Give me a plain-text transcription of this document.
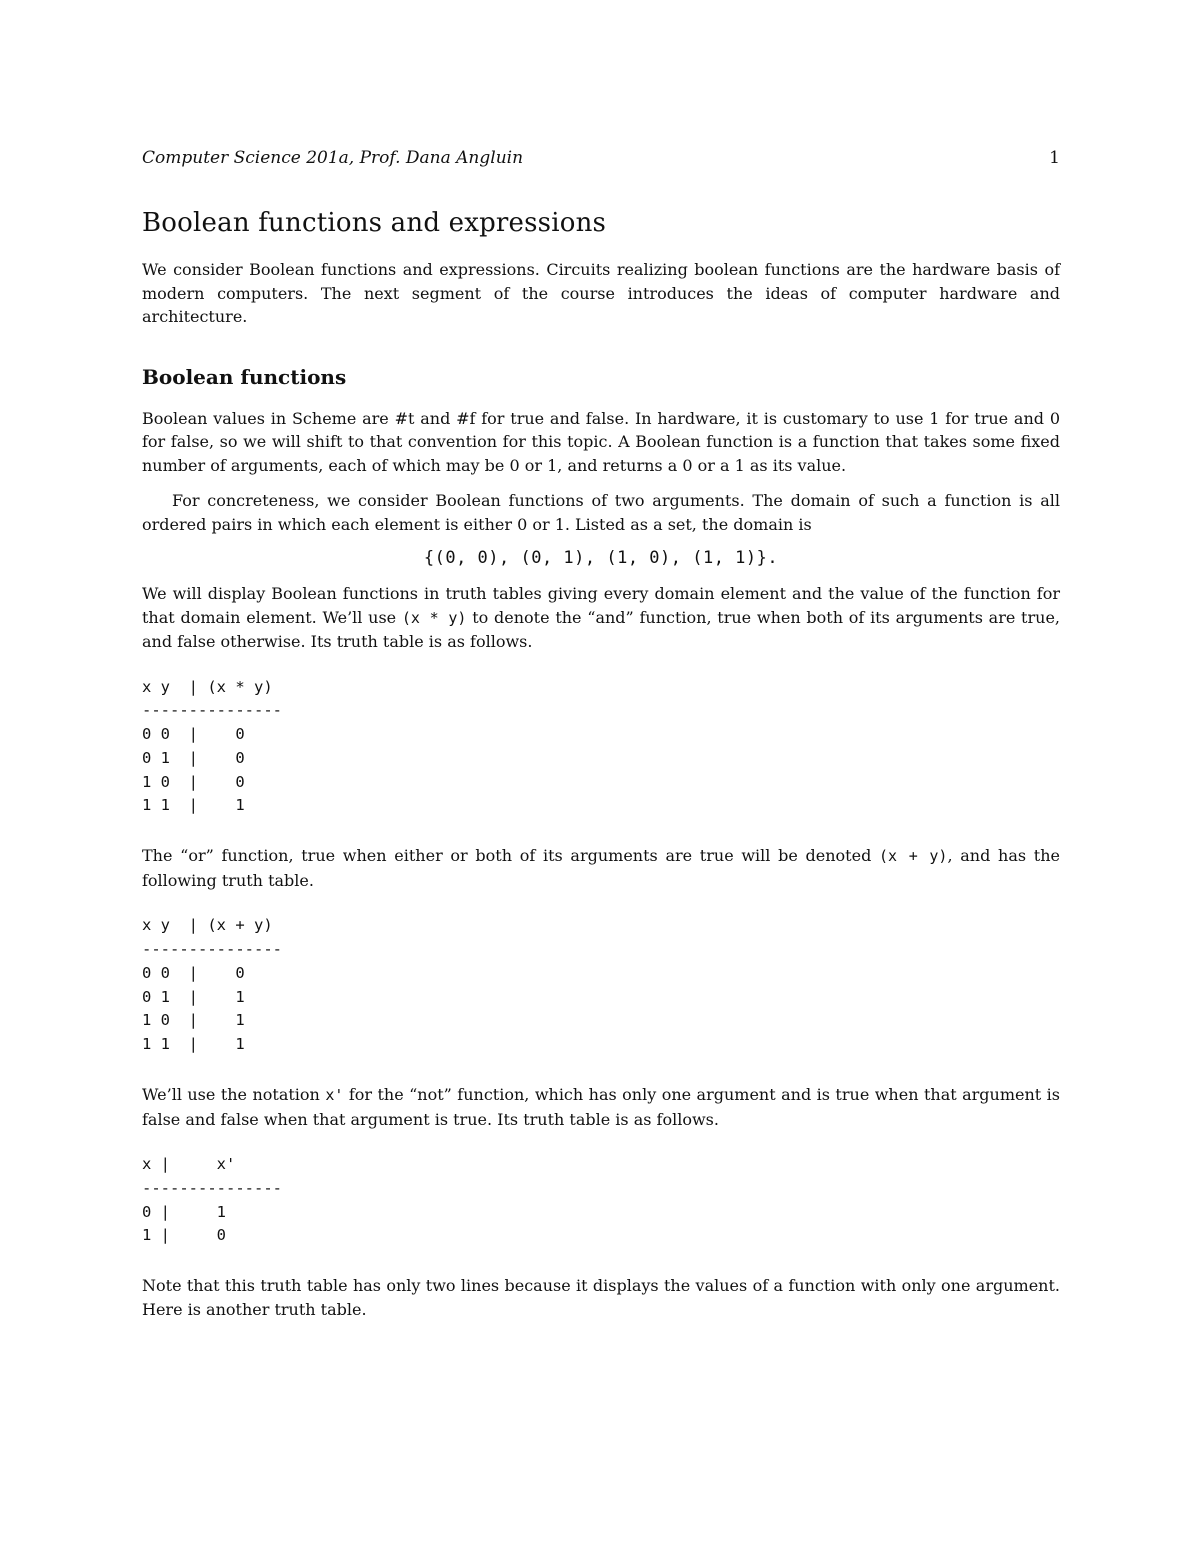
Computer Science 201a, Prof. Dana Angluin	1
Boolean functions and expressions

We consider Boolean functions and expressions. Circuits realizing boolean functions are the hardware basis of modern computers. The next segment of the course introduces the ideas of computer hardware and architecture.

Boolean functions

Boolean values in Scheme are #t and #f for true and false. In hardware, it is customary to use 1 for true and 0 for false, so we will shift to that convention for this topic. A Boolean function is a function that takes some fixed number of arguments, each of which may be 0 or 1, and returns a 0 or a 1 as its value.

For concreteness, we consider Boolean functions of two arguments. The domain of such a function is all ordered pairs in which each element is either 0 or 1. Listed as a set, the domain is

{(0, 0), (0, 1), (1, 0), (1, 1)}.

We will display Boolean functions in truth tables giving every domain element and the value of the function for that domain element. We’ll use (x * y) to denote the “and” function, true when both of its arguments are true, and false otherwise. Its truth table is as follows.

x y  | (x * y)
---------------
0 0  |    0
0 1  |    0
1 0  |    0
1 1  |    1

The “or” function, true when either or both of its arguments are true will be denoted (x + y), and has the following truth table.

x y  | (x + y)
---------------
0 0  |    0
0 1  |    1
1 0  |    1
1 1  |    1

We’ll use the notation x' for the “not” function, which has only one argument and is true when that argument is false and false when that argument is true. Its truth table is as follows.

x |     x'
---------------
0 |     1
1 |     0

Note that this truth table has only two lines because it displays the values of a function with only one argument. Here is another truth table.
